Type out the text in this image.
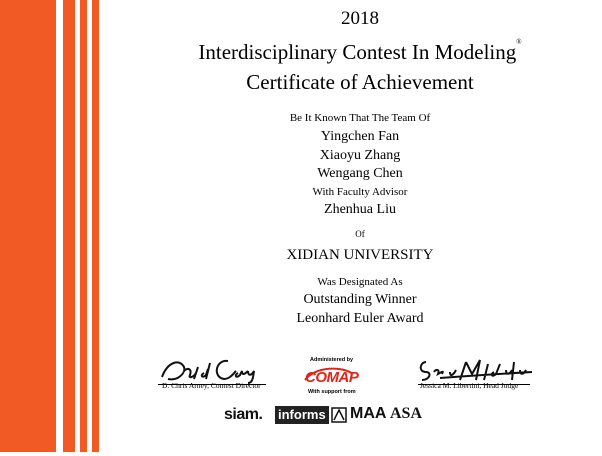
2018
Interdisciplinary Contest In Modeling®
Certificate of Achievement
Be It Known That The Team Of
Yingchen Fan
Xiaoyu Zhang
Wengang Chen
With Faculty Advisor
Zhenhua Liu
Of
XIDIAN UNIVERSITY
Was Designated As
Outstanding Winner
Leonhard Euler Award
D. Chris Arney, Contest Director
Administered by
COMAP
With support from
Jessica M. Libertini, Head Judge
siam. informs MAA ASA
